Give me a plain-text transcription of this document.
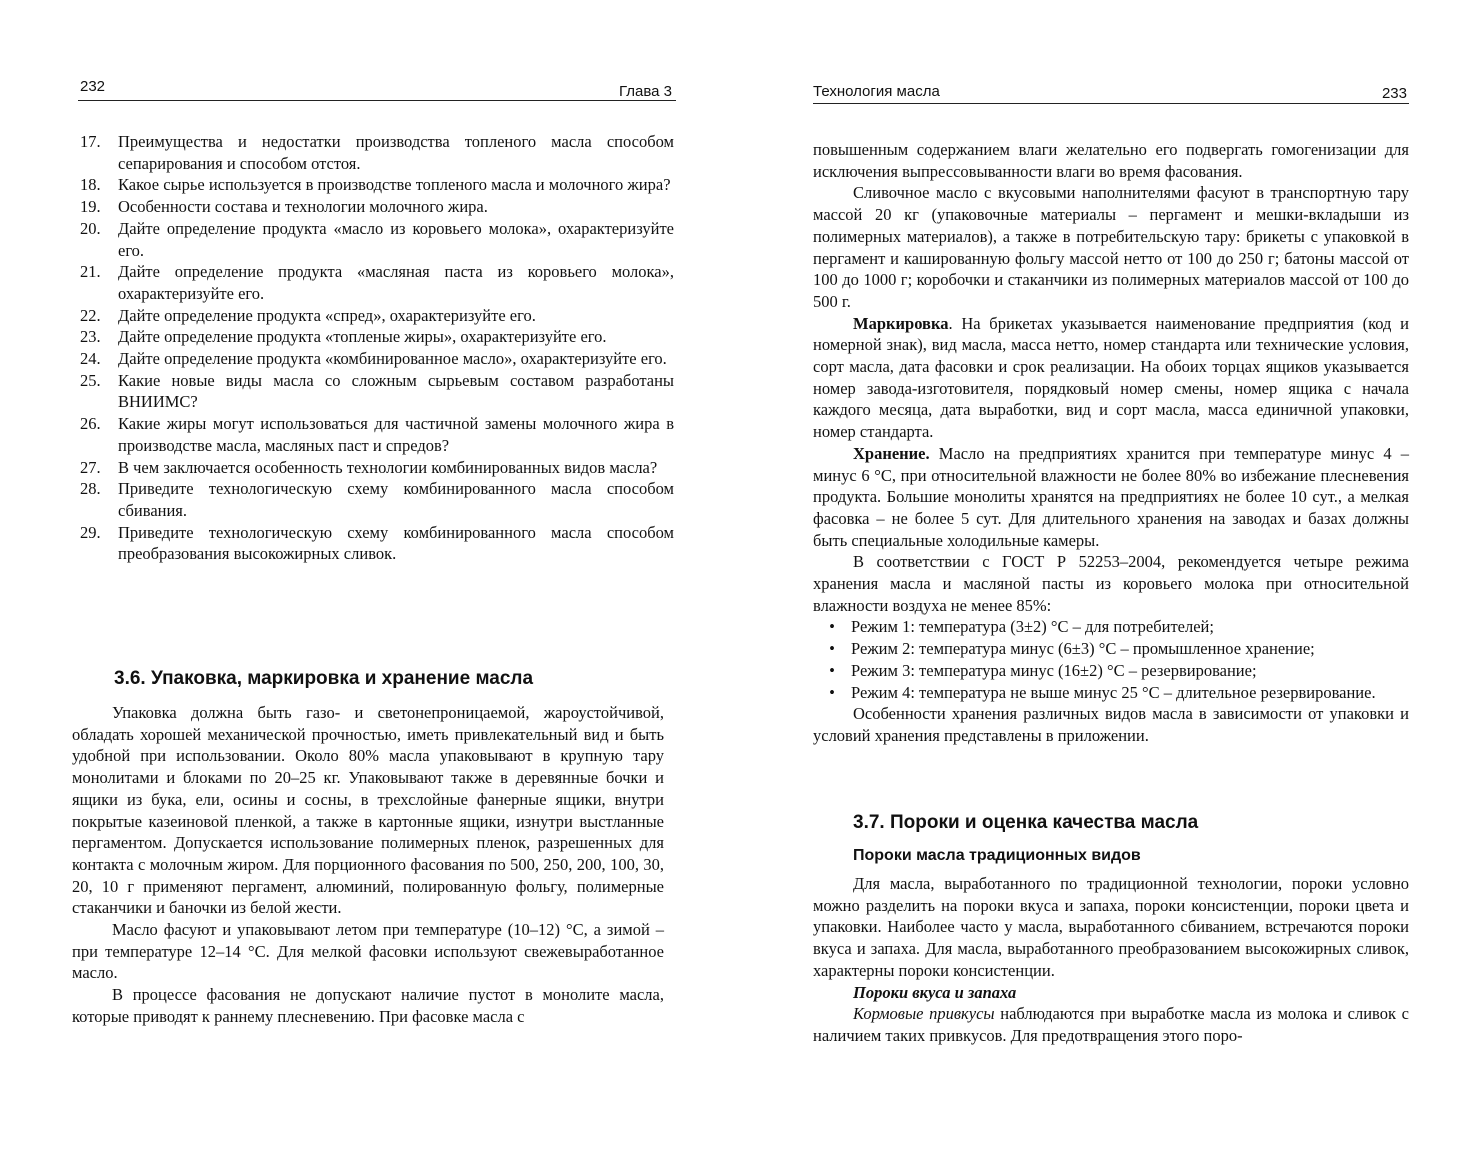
232	Глава 3
17.	Преимущества и недостатки производства топленого масла способом сепарирования и способом отстоя.
18.	Какое сырье используется в производстве топленого масла и молочного жира?
19.	Особенности состава и технологии молочного жира.
20.	Дайте определение продукта «масло из коровьего молока», охарактеризуйте его.
21.	Дайте определение продукта «масляная паста из коровьего молока», охарактеризуйте его.
22.	Дайте определение продукта «спред», охарактеризуйте его.
23.	Дайте определение продукта «топленые жиры», охарактеризуйте его.
24.	Дайте определение продукта «комбинированное масло», охарактеризуйте его.
25.	Какие новые виды масла со сложным сырьевым составом разработаны ВНИИМС?
26.	Какие жиры могут использоваться для частичной замены молочного жира в производстве масла, масляных паст и спредов?
27.	В чем заключается особенность технологии комбинированных видов масла?
28.	Приведите технологическую схему комбинированного масла способом сбивания.
29.	Приведите технологическую схему комбинированного масла способом преобразования высокожирных сливок.
3.6. Упаковка, маркировка и хранение масла

Упаковка должна быть газо- и светонепроницаемой, жароустойчивой, обладать хорошей механической прочностью, иметь привлекательный вид и быть удобной при использовании. Около 80% масла упаковывают в крупную тару монолитами и блоками по 20–25 кг. Упаковывают также в деревянные бочки и ящики из бука, ели, осины и сосны, в трехслойные фанерные ящики, внутри покрытые казеиновой пленкой, а также в картонные ящики, изнутри выстланные пергаментом. Допускается использование полимерных пленок, разрешенных для контакта с молочным жиром. Для порционного фасования по 500, 250, 200, 100, 30, 20, 10 г применяют пергамент, алюминий, полированную фольгу, полимерные стаканчики и баночки из белой жести.

Масло фасуют и упаковывают летом при температуре (10–12) °С, а зимой – при температуре 12–14 °С. Для мелкой фасовки используют свежевыработанное масло.

В процессе фасования не допускают наличие пустот в монолите масла, которые приводят к раннему плесневению. При фасовке масла с

Технология масла	233

повышенным содержанием влаги желательно его подвергать гомогенизации для исключения выпрессовыванности влаги во время фасования.

Сливочное масло с вкусовыми наполнителями фасуют в транспортную тару массой 20 кг (упаковочные материалы – пергамент и мешки-вкладыши из полимерных материалов), а также в потребительскую тару: брикеты с упаковкой в пергамент и кашированную фольгу массой нетто от 100 до 250 г; батоны массой от 100 до 1000 г; коробочки и стаканчики из полимерных материалов массой от 100 до 500 г.

Маркировка. На брикетах указывается наименование предприятия (код и номерной знак), вид масла, масса нетто, номер стандарта или технические условия, сорт масла, дата фасовки и срок реализации. На обоих торцах ящиков указывается номер завода-изготовителя, порядковый номер смены, номер ящика с начала каждого месяца, дата выработки, вид и сорт масла, масса единичной упаковки, номер стандарта.

Хранение. Масло на предприятиях хранится при температуре минус 4 – минус 6 °С, при относительной влажности не более 80% во избежание плесневения продукта. Большие монолиты хранятся на предприятиях не более 10 сут., а мелкая фасовка – не более 5 сут. Для длительного хранения на заводах и базах должны быть специальные холодильные камеры.

В соответствии с ГОСТ Р 52253–2004, рекомендуется четыре режима хранения масла и масляной пасты из коровьего молока при относительной влажности воздуха не менее 85%:

• Режим 1: температура (3±2) °С – для потребителей;
• Режим 2: температура минус (6±3) °С – промышленное хранение;
• Режим 3: температура минус (16±2) °С – резервирование;
• Режим 4: температура не выше минус 25 °С – длительное резервирование.

Особенности хранения различных видов масла в зависимости от упаковки и условий хранения представлены в приложении.

3.7. Пороки и оценка качества масла
Пороки масла традиционных видов

Для масла, выработанного по традиционной технологии, пороки условно можно разделить на пороки вкуса и запаха, пороки консистенции, пороки цвета и упаковки. Наиболее часто у масла, выработанного сбиванием, встречаются пороки вкуса и запаха. Для масла, выработанного преобразованием высокожирных сливок, характерны пороки консистенции.

Пороки вкуса и запаха

Кормовые привкусы наблюдаются при выработке масла из молока и сливок с наличием таких привкусов. Для предотвращения этого поро-
